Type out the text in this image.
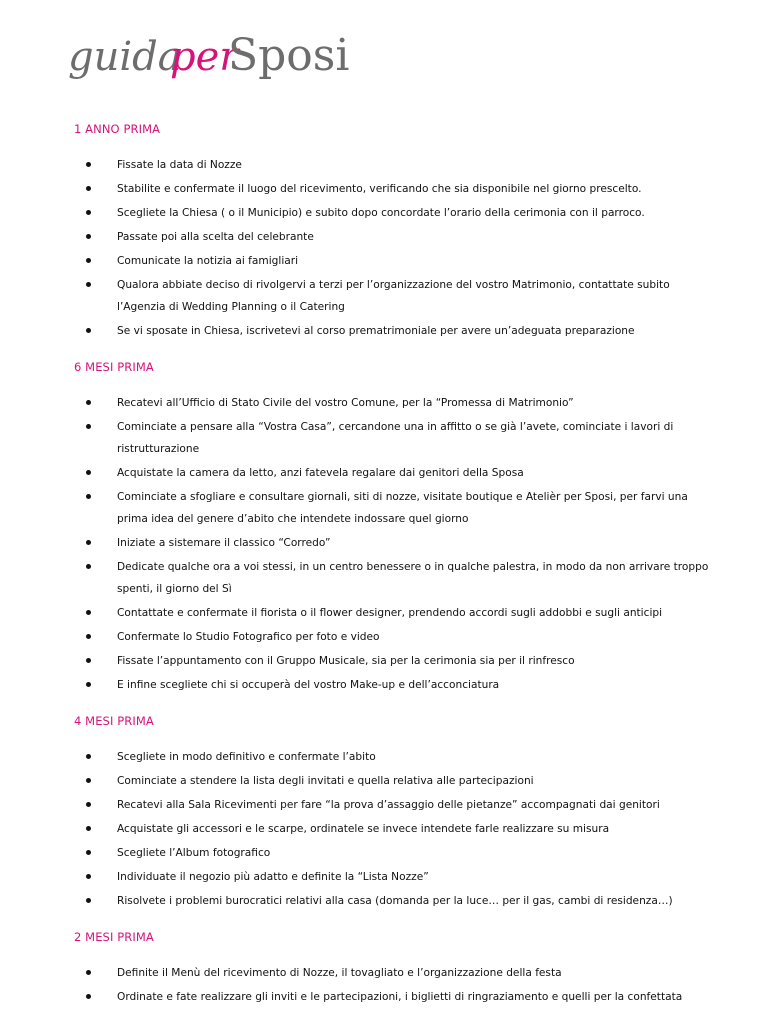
guida
per
Sposi
1 ANNO PRIMA
Fissate la data di Nozze
Stabilite e confermate il luogo del ricevimento, verificando che sia disponibile nel giorno prescelto.
Scegliete la Chiesa ( o il Municipio) e subito dopo concordate l’orario della cerimonia con il parroco.
Passate poi alla scelta del celebrante
Comunicate la notizia ai famigliari
Qualora abbiate deciso di rivolgervi a terzi per l’organizzazione del vostro Matrimonio, contattate subito l’Agenzia di Wedding Planning o il Catering
Se vi sposate in Chiesa, iscrivetevi al corso prematrimoniale per avere un’adeguata preparazione
6 MESI PRIMA
Recatevi all’Ufficio di Stato Civile del vostro Comune, per la “Promessa di Matrimonio”
Cominciate a pensare alla “Vostra Casa”, cercandone una in affitto o se già l’avete, cominciate i lavori di ristrutturazione
Acquistate la camera da letto, anzi fatevela regalare dai genitori della Sposa
Cominciate a sfogliare e consultare giornali, siti di nozze, visitate boutique e Atelièr per Sposi, per farvi una prima idea del genere d’abito che intendete indossare quel giorno
Iniziate a sistemare il classico “Corredo”
Dedicate qualche ora a voi stessi, in un centro benessere o in qualche palestra, in modo da non arrivare troppo spenti, il giorno del Sì
Contattate e confermate il fiorista o il flower designer, prendendo accordi sugli addobbi e sugli anticipi
Confermate lo Studio Fotografico per foto e video
Fissate l’appuntamento con il Gruppo Musicale, sia per la cerimonia sia per il rinfresco
E infine scegliete chi si occuperà del vostro Make-up e dell’acconciatura
4 MESI PRIMA
Scegliete in modo definitivo e confermate l’abito
Cominciate a stendere la lista degli invitati e quella relativa alle partecipazioni
Recatevi alla Sala Ricevimenti per fare “la prova d’assaggio delle pietanze” accompagnati dai genitori
Acquistate gli accessori e le scarpe, ordinatele se invece intendete farle realizzare su misura
Scegliete l’Album fotografico
Individuate il negozio più adatto e definite la “Lista Nozze”
Risolvete i problemi burocratici relativi alla casa (domanda per la luce… per il gas, cambi di residenza…)
2 MESI PRIMA
Definite il Menù del ricevimento di Nozze, il tovagliato e l’organizzazione della festa
Ordinate e fate realizzare gli inviti e le partecipazioni, i biglietti di ringraziamento e quelli per la confettata
